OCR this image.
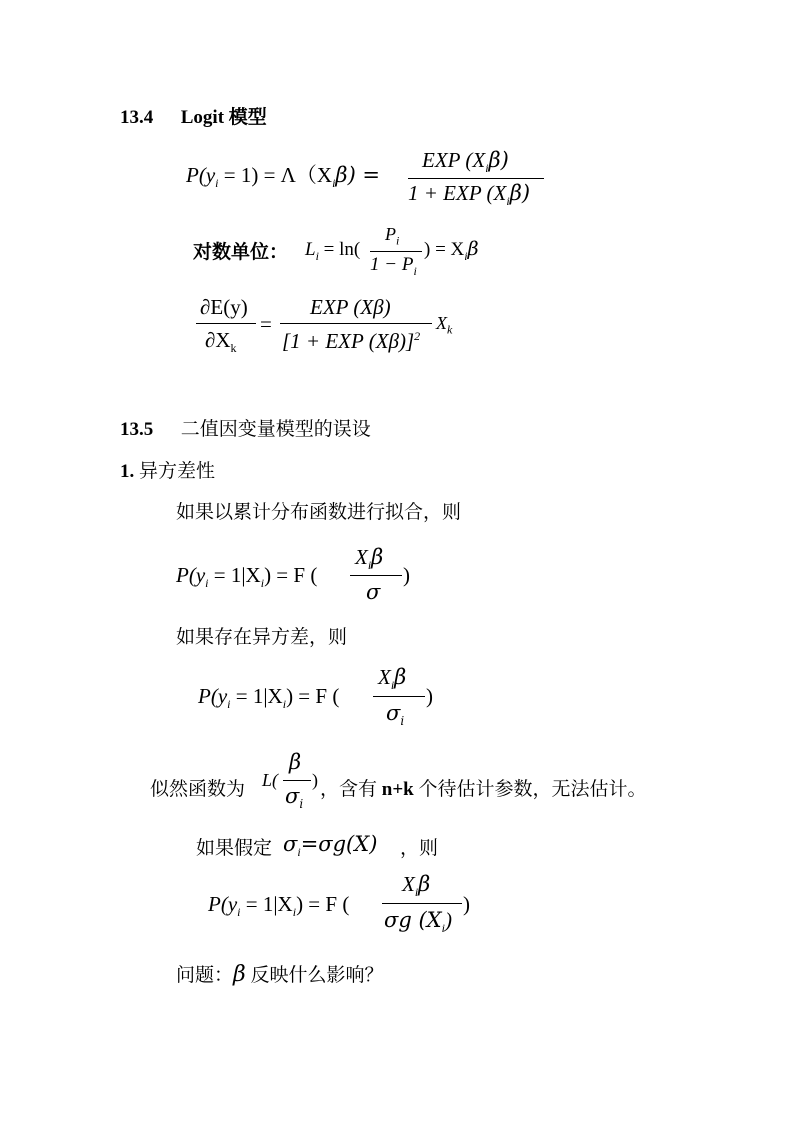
13.4 Logit 模型
$P(y_i = 1) = \Lambda(X_i\beta)$ =
EXP $(X_i\beta)$
1 + EXP $(X_i\beta)$
对数单位： $L_i = \ln$(
$P_i$
$1 - P_i$
) = $X_i\beta$
∂E(y)
$\partial X_k$
=
EXP (Xβ)
[1 + EXP (Xβ)]$^2$
$X_k$
13.5 二值因变量模型的误设
1. 异方差性
如果以累计分布函数进行拟合，则
$P(y_i = 1|X_i) = F$ (
$X_i\beta$
σ
)
如果存在异方差，则
$P(y_i = 1|X_i) = F$ (
$X_i\beta$
$\sigma_i$
)
似然函数为 L(
β
$\sigma_i$
) ，含有 n+k 个待估计参数，无法估计。
如果假定 $\sigma_i=\sigma g(X)$ ，则
$P(y_i = 1|X_i) = F$ (
$X_i\beta$
σg $(X_i)$
)
问题：β 反映什么影响？
